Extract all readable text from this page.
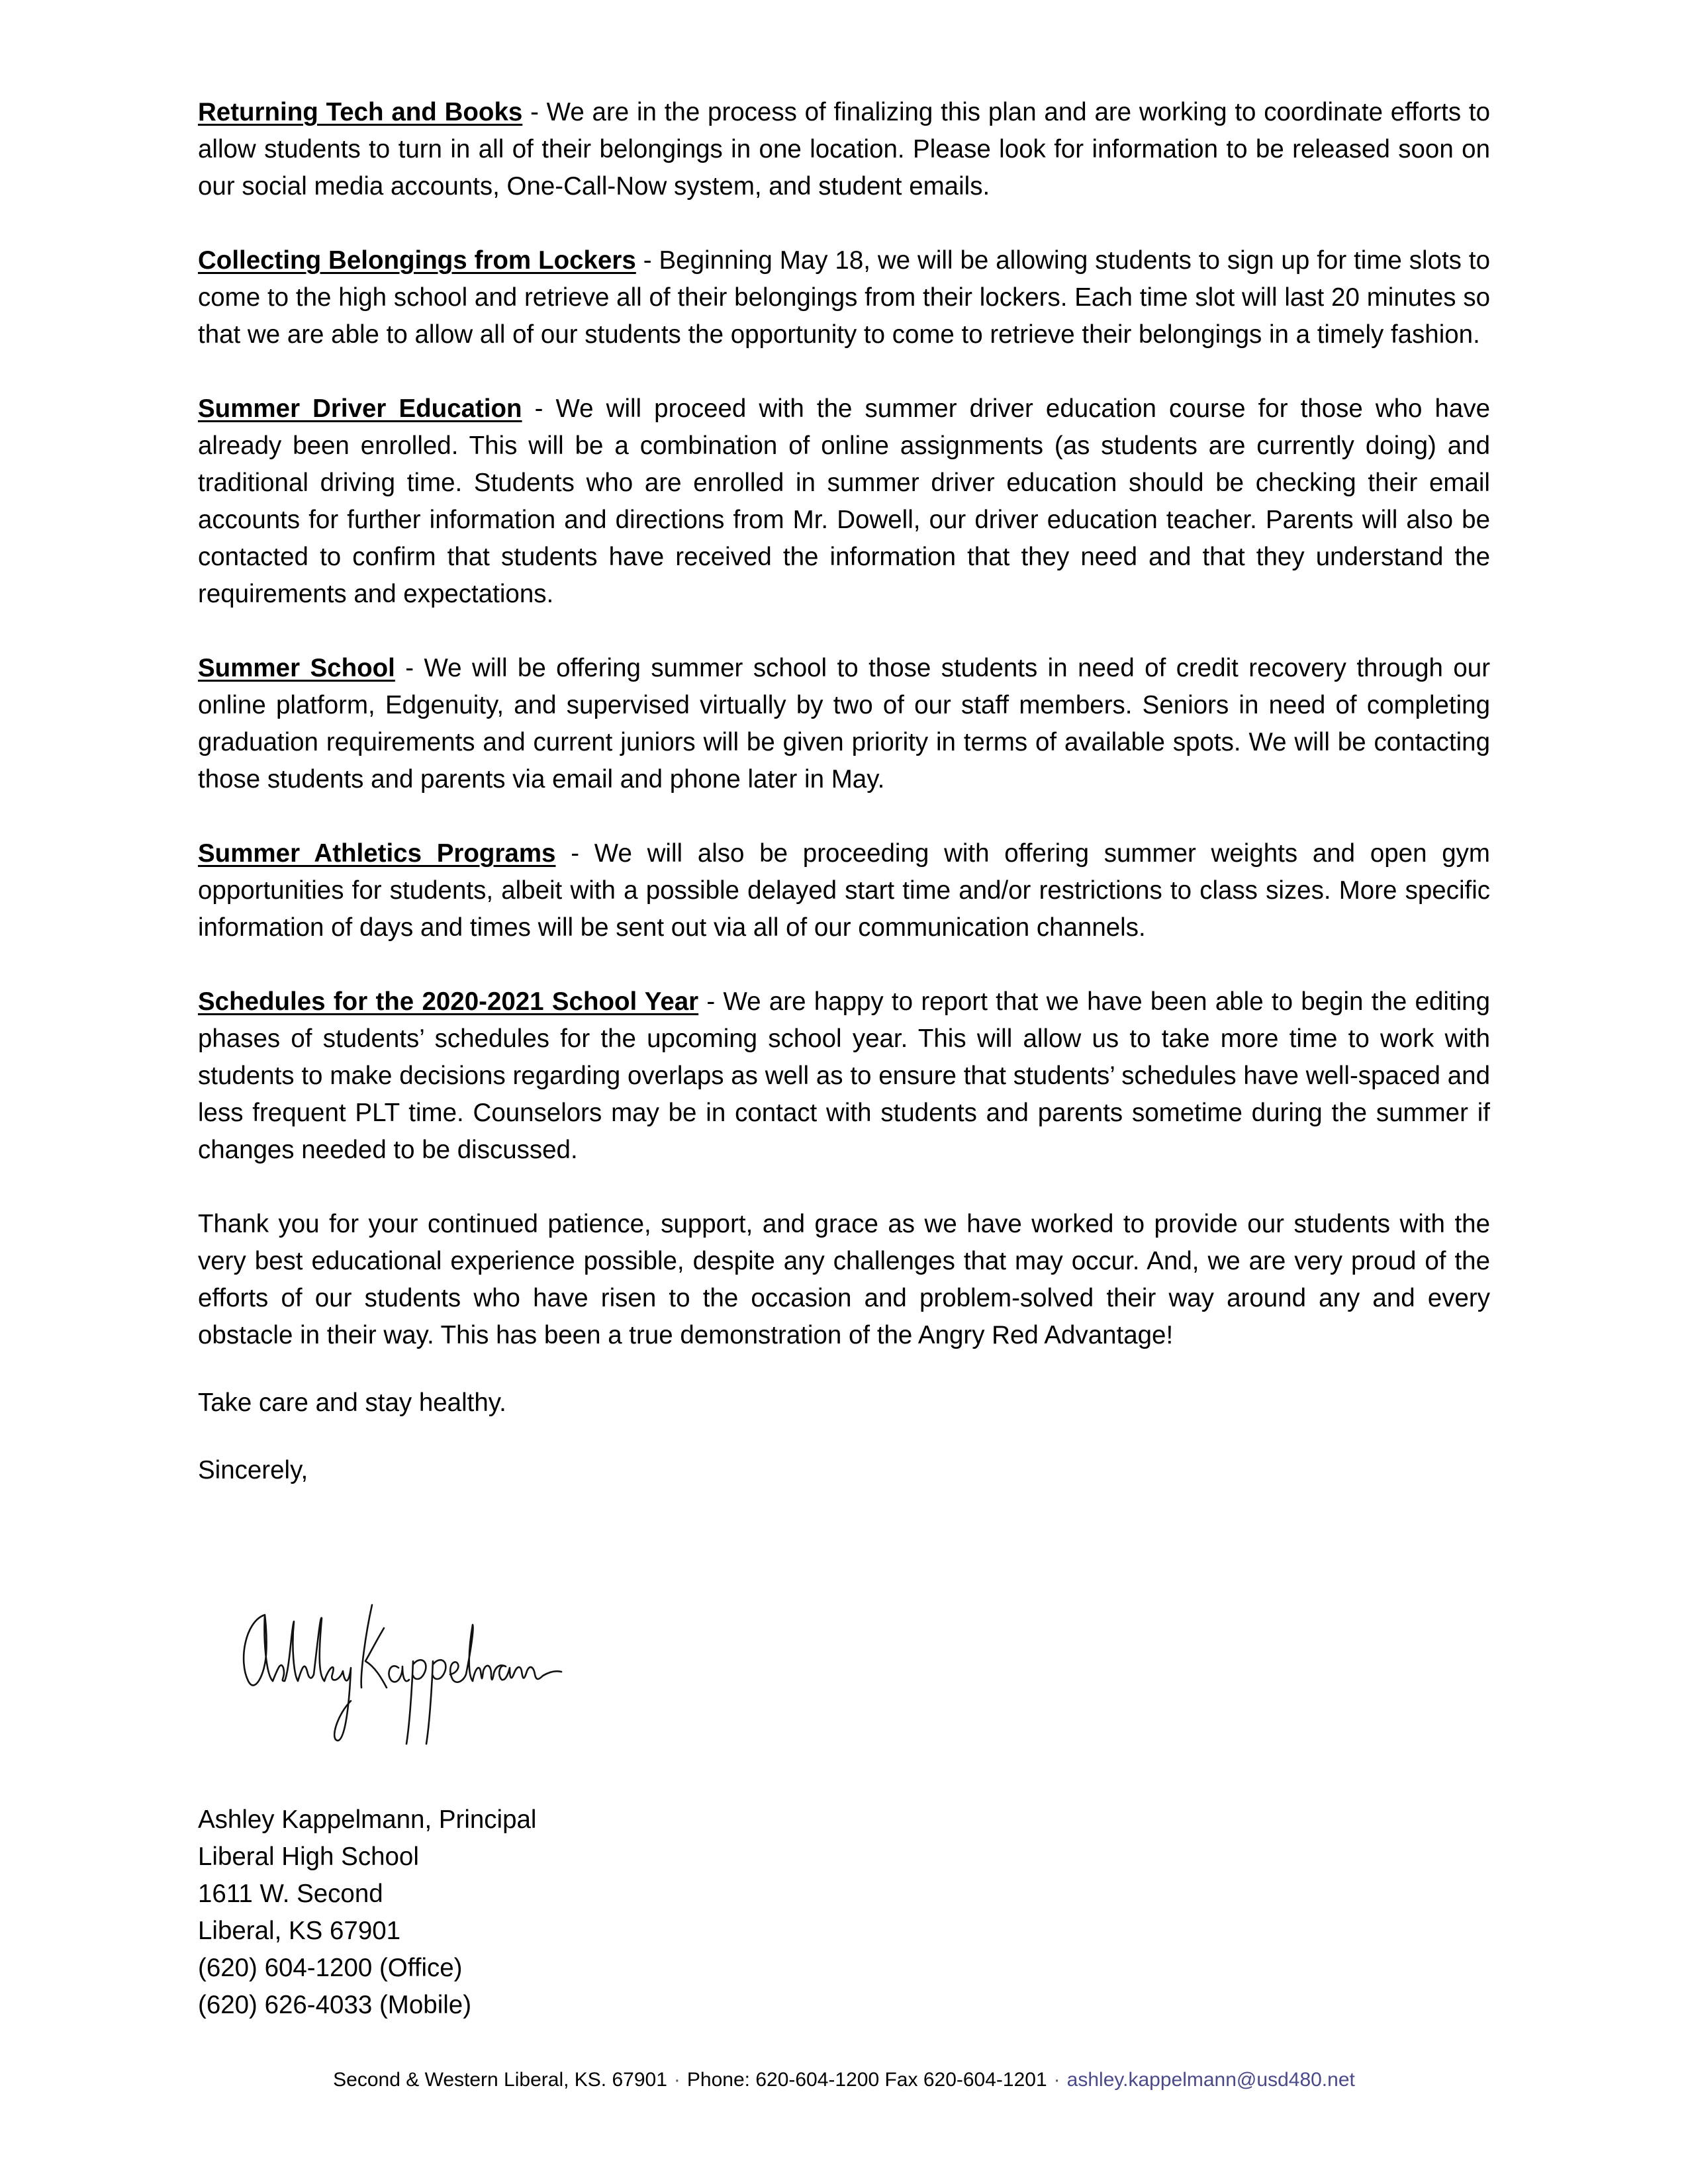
Returning Tech and Books - We are in the process of finalizing this plan and are working to coordinate efforts to allow students to turn in all of their belongings in one location. Please look for information to be released soon on our social media accounts, One-Call-Now system, and student emails.

Collecting Belongings from Lockers - Beginning May 18, we will be allowing students to sign up for time slots to come to the high school and retrieve all of their belongings from their lockers. Each time slot will last 20 minutes so that we are able to allow all of our students the opportunity to come to retrieve their belongings in a timely fashion.

Summer Driver Education - We will proceed with the summer driver education course for those who have already been enrolled. This will be a combination of online assignments (as students are currently doing) and traditional driving time. Students who are enrolled in summer driver education should be checking their email accounts for further information and directions from Mr. Dowell, our driver education teacher. Parents will also be contacted to confirm that students have received the information that they need and that they understand the requirements and expectations.

Summer School - We will be offering summer school to those students in need of credit recovery through our online platform, Edgenuity, and supervised virtually by two of our staff members. Seniors in need of completing graduation requirements and current juniors will be given priority in terms of available spots. We will be contacting those students and parents via email and phone later in May.

Summer Athletics Programs - We will also be proceeding with offering summer weights and open gym opportunities for students, albeit with a possible delayed start time and/or restrictions to class sizes. More specific information of days and times will be sent out via all of our communication channels.

Schedules for the 2020-2021 School Year - We are happy to report that we have been able to begin the editing phases of students’ schedules for the upcoming school year. This will allow us to take more time to work with students to make decisions regarding overlaps as well as to ensure that students’ schedules have well-spaced and less frequent PLT time. Counselors may be in contact with students and parents sometime during the summer if changes needed to be discussed.

Thank you for your continued patience, support, and grace as we have worked to provide our students with the very best educational experience possible, despite any challenges that may occur. And, we are very proud of the efforts of our students who have risen to the occasion and problem-solved their way around any and every obstacle in their way. This has been a true demonstration of the Angry Red Advantage!

Take care and stay healthy.

Sincerely,

Ashley Kappelmann, Principal
Liberal High School
1611 W. Second
Liberal, KS 67901
(620) 604-1200 (Office)
(620) 626-4033 (Mobile)
Second & Western Liberal, KS. 67901 · Phone: 620-604-1200 Fax 620-604-1201 · ashley.kappelmann@usd480.net
